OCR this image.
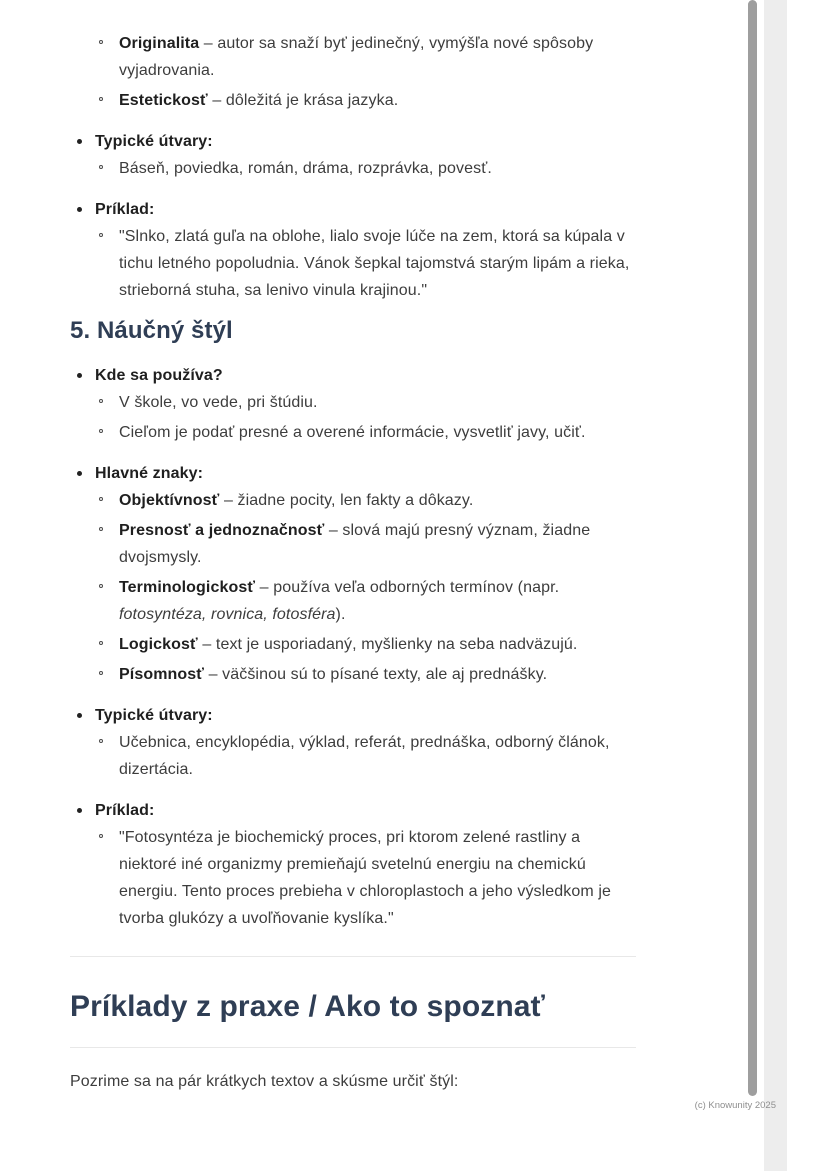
Originalita – autor sa snaží byť jedinečný, vymýšľa nové spôsoby vyjadrovania.
Estetickosť – dôležitá je krása jazyka.
Typické útvary:
Báseň, poviedka, román, dráma, rozprávka, povesť.
Príklad:
"Slnko, zlatá guľa na oblohe, lialo svoje lúče na zem, ktorá sa kúpala v tichu letného popoludnia. Vánok šepkal tajomstvá starým lipám a rieka, strieborná stuha, sa lenivo vinula krajinou."
5. Náučný štýl
Kde sa používa?
V škole, vo vede, pri štúdiu.
Cieľom je podať presné a overené informácie, vysvetliť javy, učiť.
Hlavné znaky:
Objektívnosť – žiadne pocity, len fakty a dôkazy.
Presnosť a jednoznačnosť – slová majú presný význam, žiadne dvojsmysly.
Terminologickosť – používa veľa odborných termínov (napr. fotosyntéza, rovnica, fotosféra).
Logickosť – text je usporiadaný, myšlienky na seba nadväzujú.
Písomnosť – väčšinou sú to písané texty, ale aj prednášky.
Typické útvary:
Učebnica, encyklopédia, výklad, referát, prednáška, odborný článok, dizertácia.
Príklad:
"Fotosyntéza je biochemický proces, pri ktorom zelené rastliny a niektoré iné organizmy premieňajú svetelnú energiu na chemickú energiu. Tento proces prebieha v chloroplastoch a jeho výsledkom je tvorba glukózy a uvoľňovanie kyslíka."
Príklady z praxe / Ako to spoznať

Pozrime sa na pár krátkych textov a skúsme určiť štýl:

(c) Knowunity 2025
